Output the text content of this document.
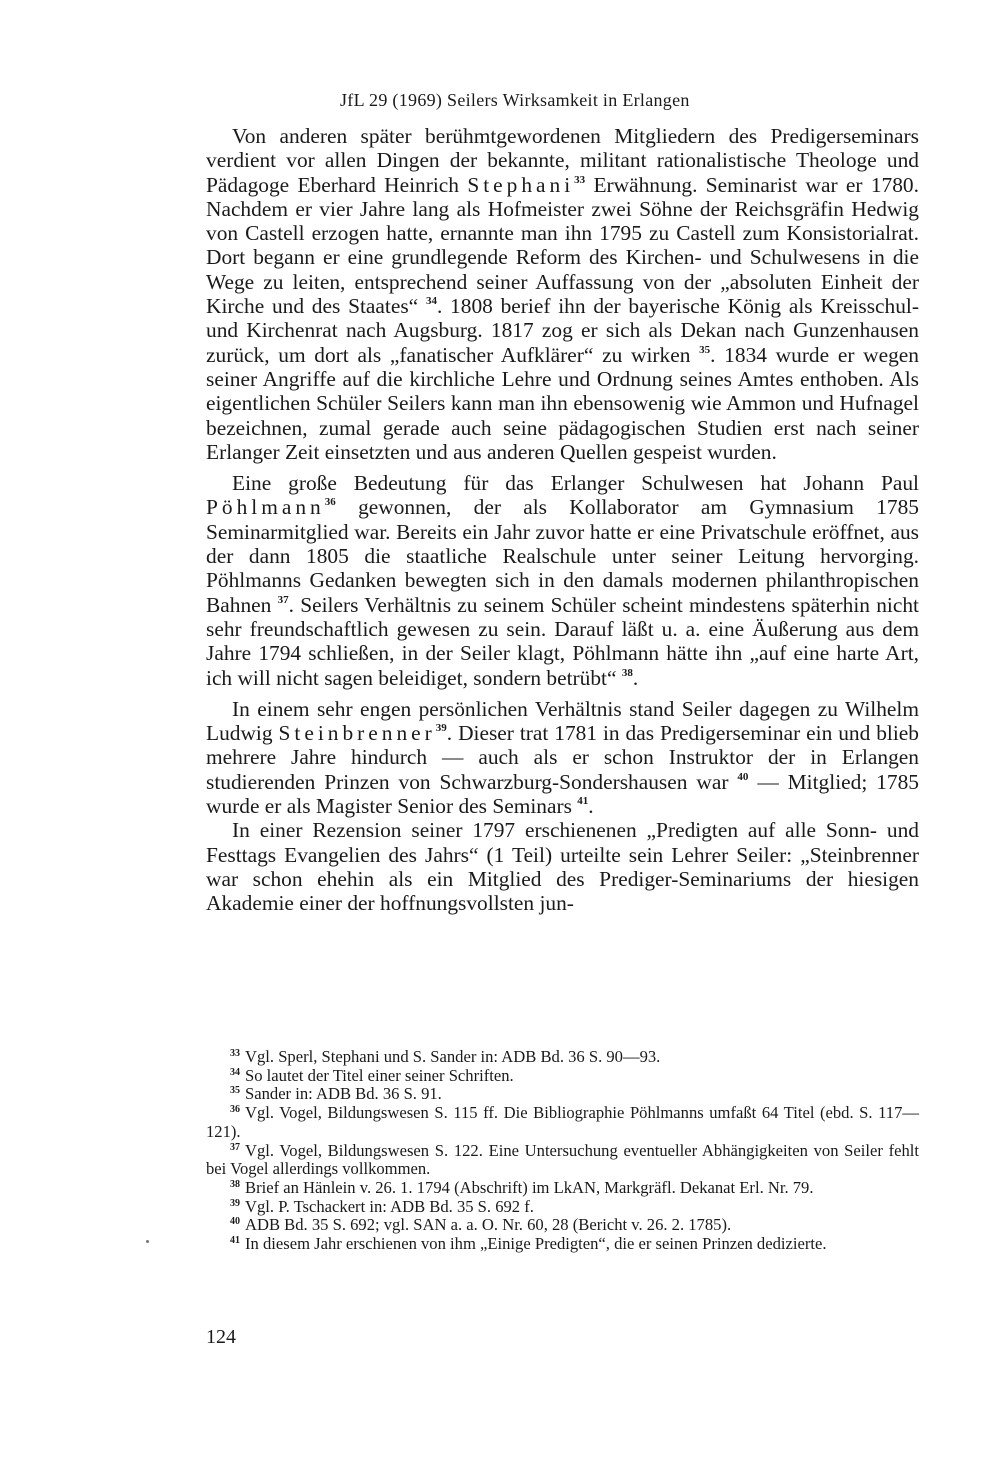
JfL 29 (1969) Seilers Wirksamkeit in Erlangen

Von anderen später berühmtgewordenen Mitgliedern des Predigerseminars verdient vor allen Dingen der bekannte, militant rationalistische Theologe und Pädagoge Eberhard Heinrich Stephani$^{33}$ Erwähnung. Seminarist war er 1780. Nachdem er vier Jahre lang als Hofmeister zwei Söhne der Reichsgräfin Hedwig von Castell erzogen hatte, ernannte man ihn 1795 zu Castell zum Konsistorialrat. Dort begann er eine grundlegende Reform des Kirchen- und Schulwesens in die Wege zu leiten, entsprechend seiner Auffassung von der „absoluten Einheit der Kirche und des Staates“ $^{34}$. 1808 berief ihn der bayerische König als Kreisschul- und Kirchenrat nach Augsburg. 1817 zog er sich als Dekan nach Gunzenhausen zurück, um dort als „fanatischer Aufklärer“ zu wirken $^{35}$. 1834 wurde er wegen seiner Angriffe auf die kirchliche Lehre und Ordnung seines Amtes enthoben. Als eigentlichen Schüler Seilers kann man ihn ebensowenig wie Ammon und Hufnagel bezeichnen, zumal gerade auch seine pädagogischen Studien erst nach seiner Erlanger Zeit einsetzten und aus anderen Quellen gespeist wurden.

Eine große Bedeutung für das Erlanger Schulwesen hat Johann Paul Pöhlmann$^{36}$ gewonnen, der als Kollaborator am Gymnasium 1785 Seminarmitglied war. Bereits ein Jahr zuvor hatte er eine Privatschule eröffnet, aus der dann 1805 die staatliche Realschule unter seiner Leitung hervorging. Pöhlmanns Gedanken bewegten sich in den damals modernen philanthropischen Bahnen $^{37}$. Seilers Verhältnis zu seinem Schüler scheint mindestens späterhin nicht sehr freundschaftlich gewesen zu sein. Darauf läßt u. a. eine Äußerung aus dem Jahre 1794 schließen, in der Seiler klagt, Pöhlmann hätte ihn „auf eine harte Art, ich will nicht sagen beleidiget, sondern betrübt“ $^{38}$.

In einem sehr engen persönlichen Verhältnis stand Seiler dagegen zu Wilhelm Ludwig Steinbrenner$^{39}$. Dieser trat 1781 in das Predigerseminar ein und blieb mehrere Jahre hindurch — auch als er schon Instruktor der in Erlangen studierenden Prinzen von Schwarzburg-Sondershausen war $^{40}$ — Mitglied; 1785 wurde er als Magister Senior des Seminars $^{41}$.

In einer Rezension seiner 1797 erschienenen „Predigten auf alle Sonn- und Festtags Evangelien des Jahrs“ (1 Teil) urteilte sein Lehrer Seiler: „Steinbrenner war schon ehehin als ein Mitglied des Prediger-Seminariums der hiesigen Akademie einer der hoffnungsvollsten jun-

$^{33}$ Vgl. Sperl, Stephani und S. Sander in: ADB Bd. 36 S. 90—93.

$^{34}$ So lautet der Titel einer seiner Schriften.

$^{35}$ Sander in: ADB Bd. 36 S. 91.

$^{36}$ Vgl. Vogel, Bildungswesen S. 115 ff. Die Bibliographie Pöhlmanns umfaßt 64 Titel (ebd. S. 117—121).

$^{37}$ Vgl. Vogel, Bildungswesen S. 122. Eine Untersuchung eventueller Abhängigkeiten von Seiler fehlt bei Vogel allerdings vollkommen.

$^{38}$ Brief an Hänlein v. 26. 1. 1794 (Abschrift) im LkAN, Markgräfl. Dekanat Erl. Nr. 79.

$^{39}$ Vgl. P. Tschackert in: ADB Bd. 35 S. 692 f.

$^{40}$ ADB Bd. 35 S. 692; vgl. SAN a. a. O. Nr. 60, 28 (Bericht v. 26. 2. 1785).

$^{41}$ In diesem Jahr erschienen von ihm „Einige Predigten“, die er seinen Prinzen dedizierte.

124
